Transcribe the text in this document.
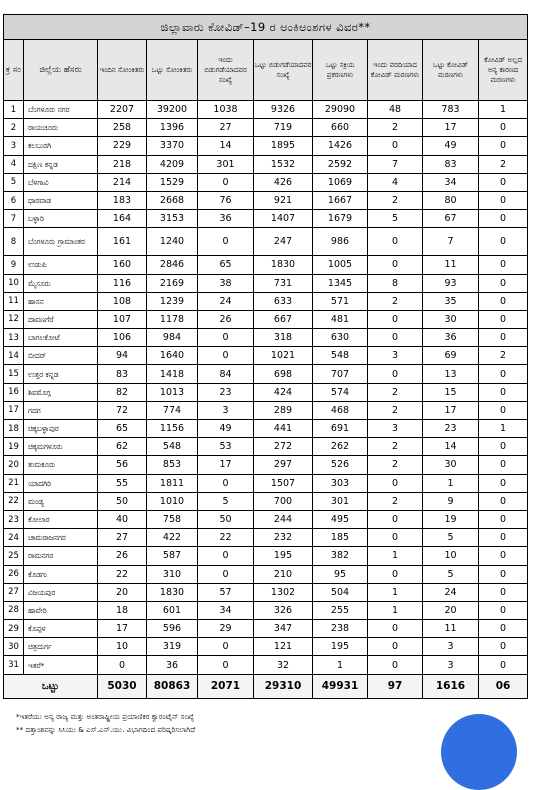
ಜಿಲ್ಲಾವಾರು ಕೋವಿಡ್–19 ರ ಅಂಕಿಅಂಶಗಳ ವಿವರ**									
ಕ್ರ ಸಂ	ಜಿಲ್ಲೆಯ ಹೆಸರು	ಇಂದಿನ ಸೋಂಕಿತರು	ಒಟ್ಟು ಸೋಂಕಿತರು	ಇಂದು ಬಿಡುಗಡೆಯಾದವರ ಸಂಖ್ಯೆ	ಒಟ್ಟು ಬಿಡುಗಡೆಯಾದವರ ಸಂಖ್ಯೆ	ಒಟ್ಟು ಸಕ್ರಿಯ ಪ್ರಕರಣಗಳು	ಇಂದು ವರದಿಯಾದ ಕೋವಿಡ್ ಮರಣಗಳು	ಒಟ್ಟು ಕೋವಿಡ್ ಮರಣಗಳು	ಕೋವಿಡ್ ಅಲ್ಲದ ಅನ್ಯ ಕಾರಣದ ಮರಣಗಳು
1	ಬೆಂಗಳೂರು ನಗರ	2207	39200	1038	9326	29090	48	783	1
2	ರಾಯಚೂರು	258	1396	27	719	660	2	17	0
3	ಕಲಬುರಗಿ	229	3370	14	1895	1426	0	49	0
4	ದಕ್ಷಿಣ ಕನ್ನಡ	218	4209	301	1532	2592	7	83	2
5	ಬೆಳಗಾವಿ	214	1529	0	426	1069	4	34	0
6	ಧಾರವಾಡ	183	2668	76	921	1667	2	80	0
7	ಬಳ್ಳಾರಿ	164	3153	36	1407	1679	5	67	0
8	ಬೆಂಗಳೂರು ಗ್ರಾಮಾಂತರ	161	1240	0	247	986	0	7	0
9	ಉಡುಪಿ	160	2846	65	1830	1005	0	11	0
10	ಮೈಸೂರು	116	2169	38	731	1345	8	93	0
11	ಹಾಸನ	108	1239	24	633	571	2	35	0
12	ದಾವಣಗೆರೆ	107	1178	26	667	481	0	30	0
13	ಬಾಗಲಕೋಟೆ	106	984	0	318	630	0	36	0
14	ಬೀದರ್	94	1640	0	1021	548	3	69	2
15	ಉತ್ತರ ಕನ್ನಡ	83	1418	84	698	707	0	13	0
16	ಶಿವಮೊಗ್ಗ	82	1013	23	424	574	2	15	0
17	ಗದಗ	72	774	3	289	468	2	17	0
18	ಚಿಕ್ಕಬಳ್ಳಾಪುರ	65	1156	49	441	691	3	23	1
19	ಚಿಕ್ಕಮಗಳೂರು	62	548	53	272	262	2	14	0
20	ತುಮಕೂರು	56	853	17	297	526	2	30	0
21	ಯಾದಗಿರಿ	55	1811	0	1507	303	0	1	0
22	ಮಂಡ್ಯ	50	1010	5	700	301	2	9	0
23	ಕೋಲಾರ	40	758	50	244	495	0	19	0
24	ಚಾಮರಾಜನಗರ	27	422	22	232	185	0	5	0
25	ರಾಮನಗರ	26	587	0	195	382	1	10	0
26	ಕೊಡಗು	22	310	0	210	95	0	5	0
27	ವಿಜಯಪುರ	20	1830	57	1302	504	1	24	0
28	ಹಾವೇರಿ	18	601	34	326	255	1	20	0
29	ಕೊಪ್ಪಳ	17	596	29	347	238	0	11	0
30	ಚಿತ್ರದುರ್ಗ	10	319	0	121	195	0	3	0
31	ಇತರೆ*	0	36	0	32	1	0	3	0
ಒಟ್ಟು		5030	80863	2071	29310	49931	97	1616	06
*ಇತರೆಯು ಅನ್ಯ ರಾಜ್ಯ ಮತ್ತು ಅಂತರಾಷ್ಟ್ರೀಯ ಪ್ರಯಾಣಿಕರ ಕ್ವಾರಂಟೈನ್ ಸಂಖ್ಯೆ
** ದತ್ತಾಂಶವನ್ನು ಸಿಸಿಯು & ಎಸ್.ಎಸ್.ಯು. ವಿಭಾಗದಿಂದ ಪರಿಷ್ಕರಿಸಲಾಗಿದೆ
